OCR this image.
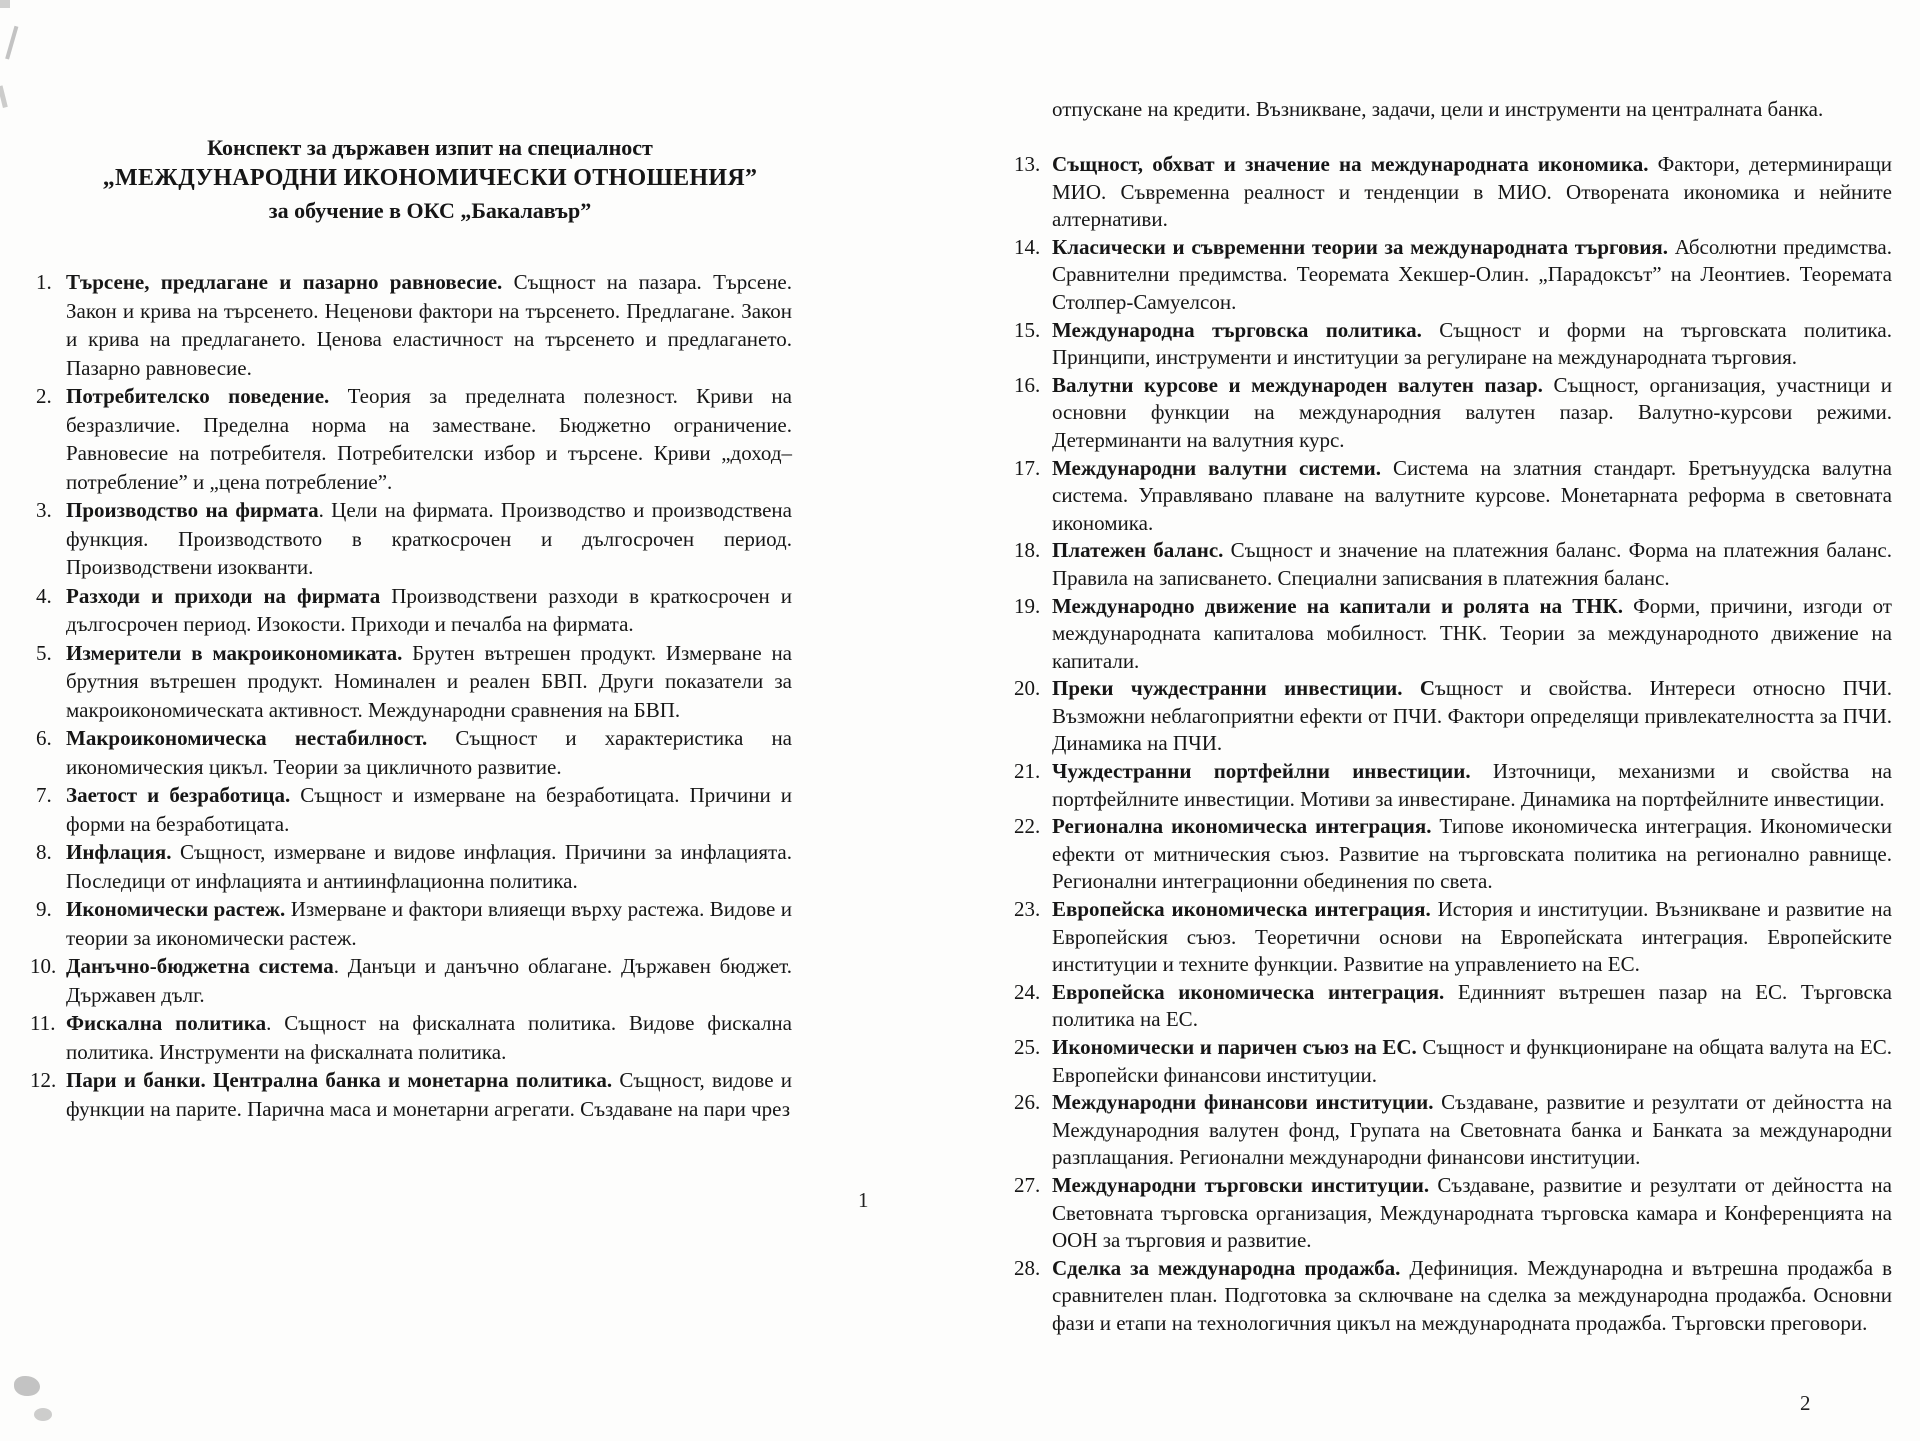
Конспект за държавен изпит на специалност
„МЕЖДУНАРОДНИ ИКОНОМИЧЕСКИ ОТНОШЕНИЯ”
за обучение в ОКС „Бакалавър”
1. Търсене, предлагане и пазарно равновесие. Същност на пазара. Търсене. Закон и крива на търсенето. Неценови фактори на търсенето. Предлагане. Закон и крива на предлагането. Ценова еластичност на търсенето и предлагането. Пазарно равновесие.
2. Потребителско поведение. Теория за пределната полезност. Криви на безразличие. Пределна норма на заместване. Бюджетно ограничение. Равновесие на потребителя. Потребителски избор и търсене. Криви „доход–потребление” и „цена потребление”.
3. Производство на фирмата. Цели на фирмата. Производство и производствена функция. Производството в краткосрочен и дългосрочен период. Производствени изокванти.
4. Разходи и приходи на фирмата Производствени разходи в краткосрочен и дългосрочен период. Изокости. Приходи и печалба на фирмата.
5. Измерители в макроикономиката. Брутен вътрешен продукт. Измерване на брутния вътрешен продукт. Номинален и реален БВП. Други показатели за макроикономическата активност. Международни сравнения на БВП.
6. Макроикономическа нестабилност. Същност и характеристика на икономическия цикъл. Теории за цикличното развитие.
7. Заетост и безработица. Същност и измерване на безработицата. Причини и форми на безработицата.
8. Инфлация. Същност, измерване и видове инфлация. Причини за инфлацията. Последици от инфлацията и антиинфлационна политика.
9. Икономически растеж. Измерване и фактори влияещи върху растежа. Видове и теории за икономически растеж.
10. Данъчно-бюджетна система. Данъци и данъчно облагане. Държавен бюджет. Държавен дълг.
11. Фискална политика. Същност на фискалната политика. Видове фискална политика. Инструменти на фискалната политика.
12. Пари и банки. Централна банка и монетарна политика. Същност, видове и функции на парите. Парична маса и монетарни агрегати. Създаване на пари чрез
1
отпускане на кредити. Възникване, задачи, цели и инструменти на централната банка.
13. Същност, обхват и значение на международната икономика. Фактори, детерминиращи МИО. Съвременна реалност и тенденции в МИО. Отворената икономика и нейните алтернативи.
14. Класически и съвременни теории за международната търговия. Абсолютни предимства. Сравнителни предимства. Теоремата Хекшер-Олин. „Парадоксът” на Леонтиев. Теоремата Столпер-Самуелсон.
15. Международна търговска политика. Същност и форми на търговската политика. Принципи, инструменти и институции за регулиране на международната търговия.
16. Валутни курсове и международен валутен пазар. Същност, организация, участници и основни функции на международния валутен пазар. Валутно-курсови режими. Детерминанти на валутния курс.
17. Международни валутни системи. Система на златния стандарт. Бретънуудска валутна система. Управлявано плаване на валутните курсове. Монетарната реформа в световната икономика.
18. Платежен баланс. Същност и значение на платежния баланс. Форма на платежния баланс. Правила на записването. Специални записвания в платежния баланс.
19. Международно движение на капитали и ролята на ТНК. Форми, причини, изгоди от международната капиталова мобилност. ТНК. Теории за международното движение на капитали.
20. Преки чуждестранни инвестиции. Същност и свойства. Интереси относно ПЧИ. Възможни неблагоприятни ефекти от ПЧИ. Фактори определящи привлекателността за ПЧИ. Динамика на ПЧИ.
21. Чуждестранни портфейлни инвестиции. Източници, механизми и свойства на портфейлните инвестиции. Мотиви за инвестиране. Динамика на портфейлните инвестиции.
22. Регионална икономическа интеграция. Типове икономическа интеграция. Икономически ефекти от митническия съюз. Развитие на търговската политика на регионално равнище. Регионални интеграционни обединения по света.
23. Европейска икономическа интеграция. История и институции. Възникване и развитие на Европейския съюз. Теоретични основи на Европейската интеграция. Европейските институции и техните функции. Развитие на управлението на ЕС.
24. Европейска икономическа интеграция. Единният вътрешен пазар на ЕС. Търговска политика на ЕС.
25. Икономически и паричен съюз на ЕС. Същност и функциониране на общата валута на ЕС. Европейски финансови институции.
26. Международни финансови институции. Създаване, развитие и резултати от дейността на Международния валутен фонд, Групата на Световната банка и Банката за международни разплащания. Регионални международни финансови институции.
27. Международни търговски институции. Създаване, развитие и резултати от дейността на Световната търговска организация, Международната търговска камара и Конференцията на ООН за търговия и развитие.
28. Сделка за международна продажба. Дефиниция. Международна и вътрешна продажба в сравнителен план. Подготовка за сключване на сделка за международна продажба. Основни фази и етапи на технологичния цикъл на международната продажба. Търговски преговори.
2
